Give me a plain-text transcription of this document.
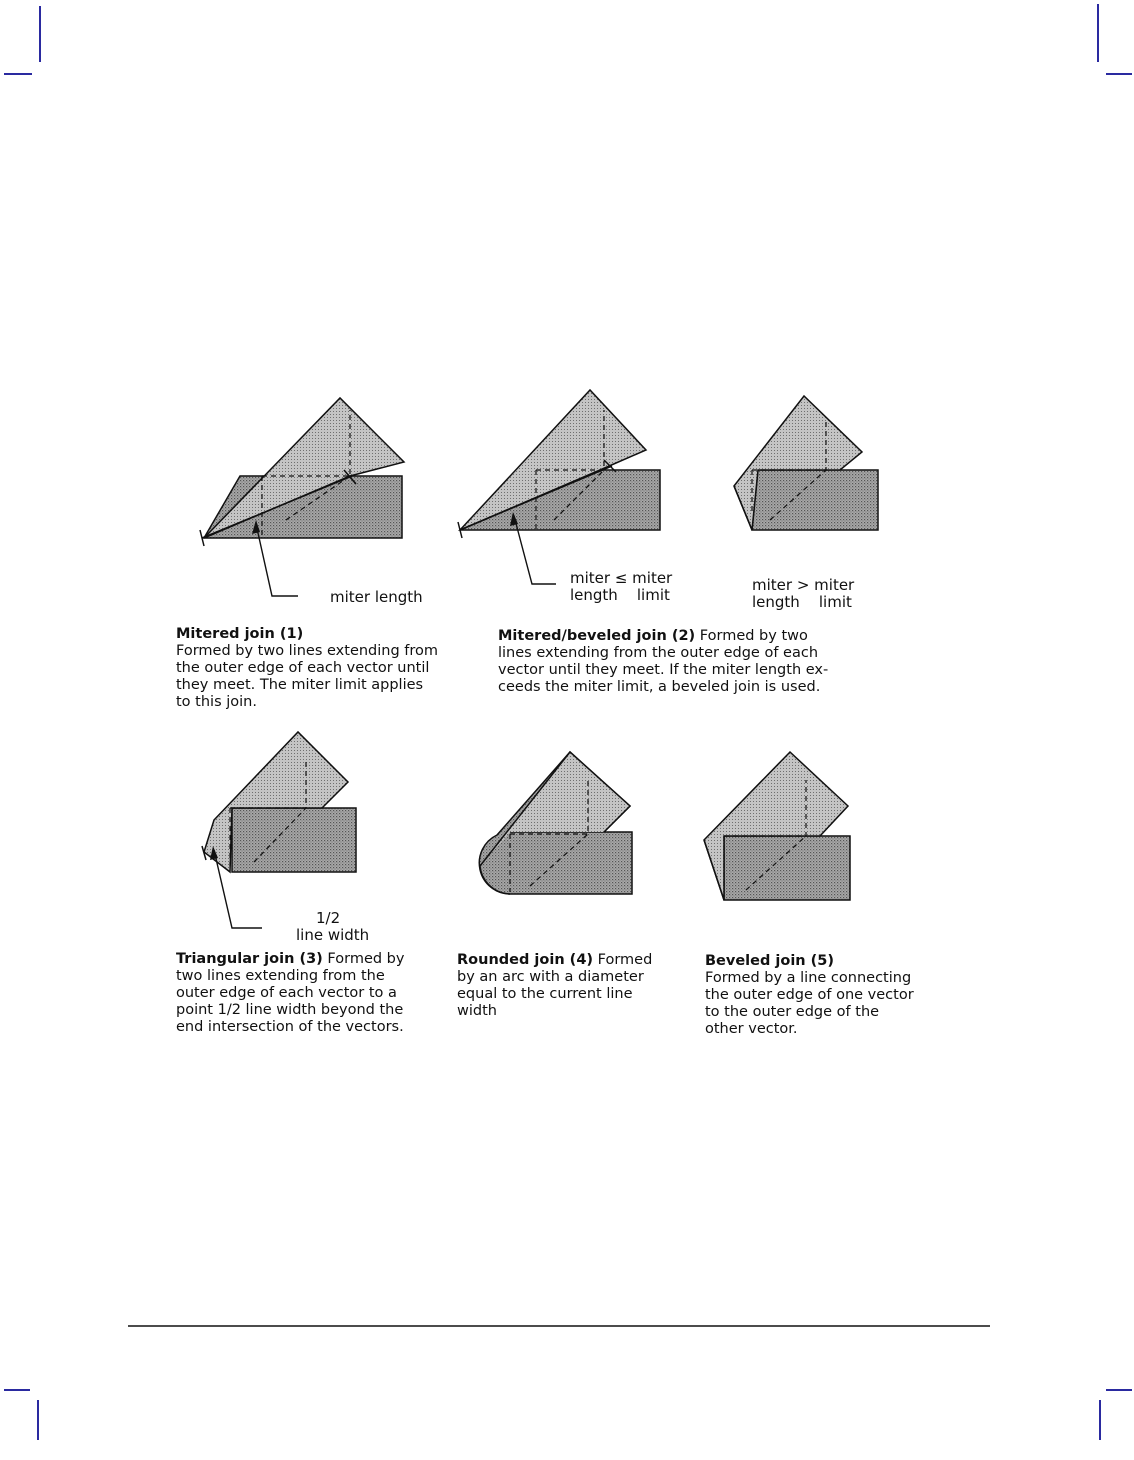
miter length
miter ≤ miter
length    limit
miter > miter
length    limit
1/2
line width
Mitered join (1)
Formed by two lines extending from
the outer edge of each vector until
they meet. The miter limit applies
to this join.
Mitered/beveled join (2) Formed by two
lines extending from the outer edge of each
vector until they meet. If the miter length ex-
ceeds the miter limit, a beveled join is used.
Triangular join (3) Formed by
two lines extending from the
outer edge of each vector to a
point 1/2 line width beyond the
end intersection of the vectors.
Rounded join (4) Formed
by an arc with a diameter
equal to the current line
width
Beveled join (5)
Formed by a line connecting
the outer edge of one vector
to the outer edge of the
other vector.
